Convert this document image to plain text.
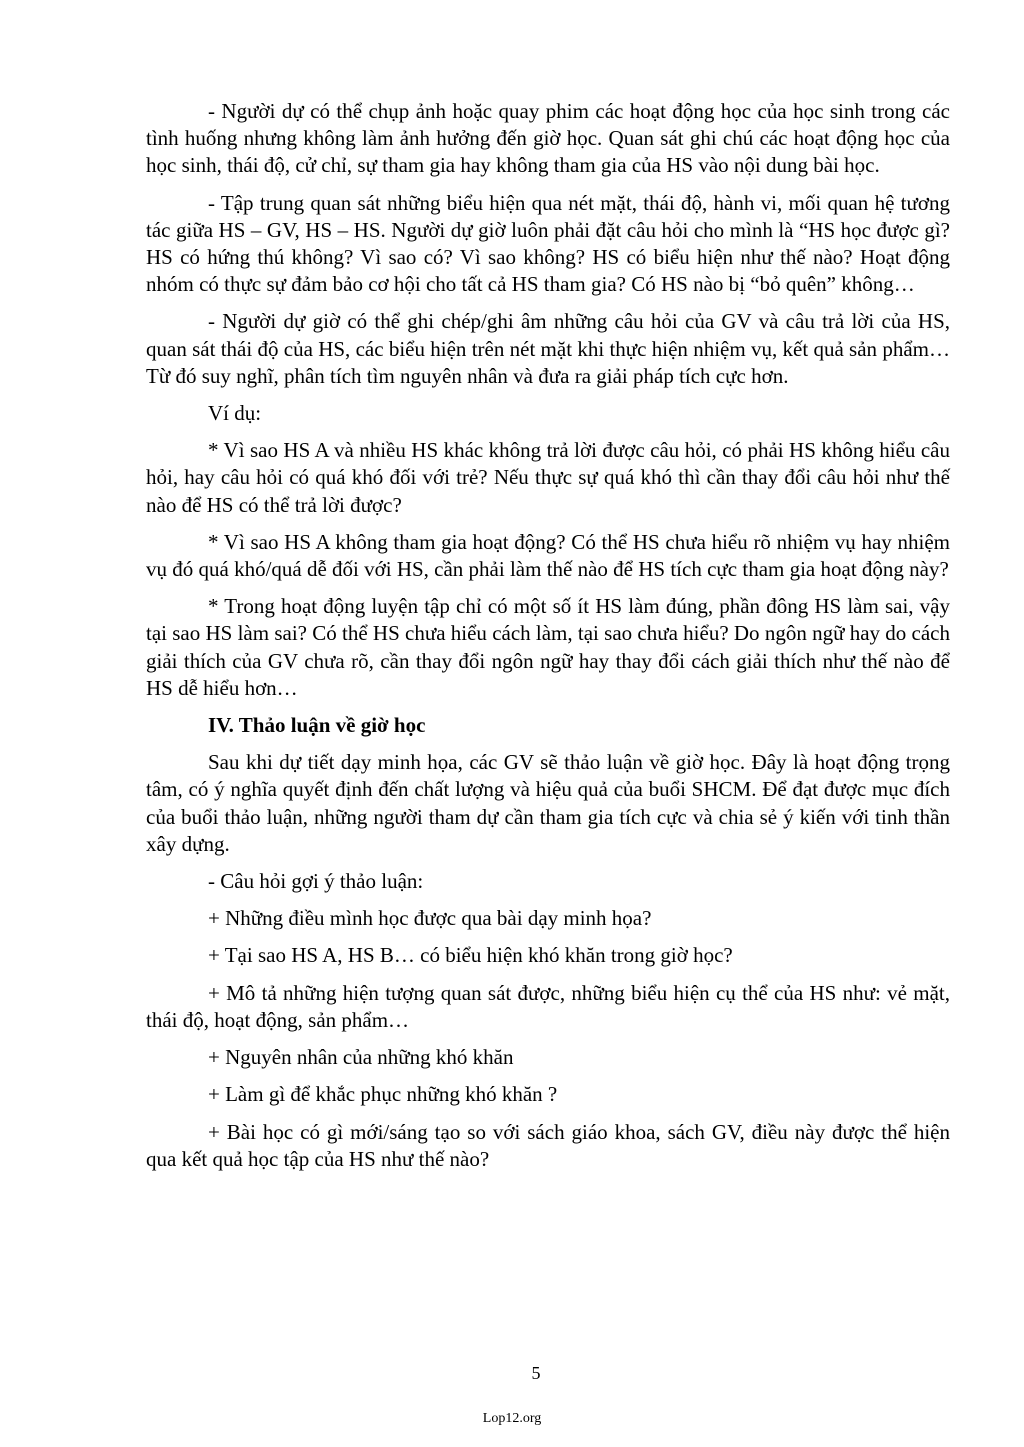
- Người dự có thể chụp ảnh hoặc quay phim các hoạt động học của học sinh trong các tình huống nhưng không làm ảnh hưởng đến giờ học. Quan sát ghi chú các hoạt động học của học sinh, thái độ, cử chỉ, sự tham gia hay không tham gia của HS vào nội dung bài học.

- Tập trung quan sát những biểu hiện qua nét mặt, thái độ, hành vi, mối quan hệ tương tác giữa HS – GV, HS – HS. Người dự giờ luôn phải đặt câu hỏi cho mình là “HS học được gì? HS có hứng thú không? Vì sao có? Vì sao không? HS có biểu hiện như thế nào? Hoạt động nhóm có thực sự đảm bảo cơ hội cho tất cả HS tham gia? Có HS nào bị “bỏ quên” không…

- Người dự giờ có thể ghi chép/ghi âm những câu hỏi của GV và câu trả lời của HS, quan sát thái độ của HS, các biểu hiện trên nét mặt khi thực hiện nhiệm vụ, kết quả sản phẩm… Từ đó suy nghĩ, phân tích tìm nguyên nhân và đưa ra giải pháp tích cực hơn.

Ví dụ:

* Vì sao HS A và nhiều HS khác không trả lời được câu hỏi, có phải HS không hiểu câu hỏi, hay câu hỏi có quá khó đối với trẻ? Nếu thực sự quá khó thì cần thay đổi câu hỏi như thế nào để HS có thể trả lời được?

* Vì sao HS A không tham gia hoạt động? Có thể HS chưa hiểu rõ nhiệm vụ hay nhiệm vụ đó quá khó/quá dễ đối với HS, cần phải làm thế nào để HS tích cực tham gia hoạt động này?

* Trong hoạt động luyện tập chỉ có một số ít HS làm đúng, phần đông HS làm sai, vậy tại sao HS làm sai? Có thể HS chưa hiểu cách làm, tại sao chưa hiểu? Do ngôn ngữ hay do cách giải thích của GV chưa rõ, cần thay đổi ngôn ngữ hay thay đổi cách giải thích như thế nào để HS dễ hiểu hơn…

IV. Thảo luận về giờ học

Sau khi dự tiết dạy minh họa, các GV sẽ thảo luận về giờ học. Đây là hoạt động trọng tâm, có ý nghĩa quyết định đến chất lượng và hiệu quả của buổi SHCM. Để đạt được mục đích của buổi thảo luận, những người tham dự cần tham gia tích cực và chia sẻ ý kiến với tinh thần xây dựng.

- Câu hỏi gợi ý thảo luận:

+ Những điều mình học được qua bài dạy minh họa?

+ Tại sao HS A, HS B… có biểu hiện khó khăn trong giờ học?

+ Mô tả những hiện tượng quan sát được, những biểu hiện cụ thể của HS như: vẻ mặt, thái độ, hoạt động, sản phẩm…

+ Nguyên nhân của những khó khăn

+ Làm gì để khắc phục những khó khăn ?

+ Bài học có gì mới/sáng tạo so với sách giáo khoa, sách GV, điều này được thể hiện qua kết quả học tập của HS như thế nào?

5
Lop12.org
